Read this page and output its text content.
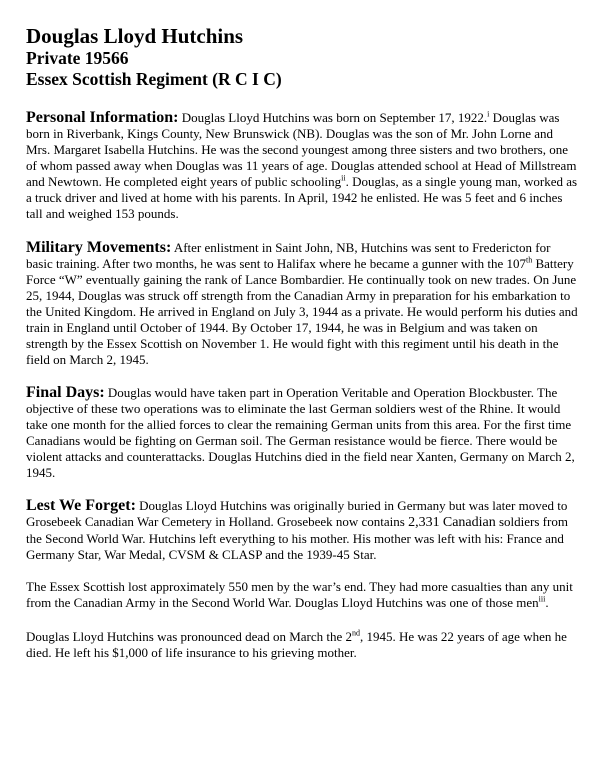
Douglas Lloyd Hutchins
Private 19566
Essex Scottish Regiment (R C I C)

Personal Information: Douglas Lloyd Hutchins was born on September 17, 1922.$^i$ Douglas was born in Riverbank, Kings County, New Brunswick (NB). Douglas was the son of Mr. John Lorne and Mrs. Margaret Isabella Hutchins. He was the second youngest among three sisters and two brothers, one of whom passed away when Douglas was 11 years of age. Douglas attended school at Head of Millstream and Newtown. He completed eight years of public schooling$^{ii}$. Douglas, as a single young man, worked as a truck driver and lived at home with his parents. In April, 1942 he enlisted. He was 5 feet and 6 inches tall and weighed 153 pounds.

Military Movements: After enlistment in Saint John, NB, Hutchins was sent to Fredericton for basic training. After two months, he was sent to Halifax where he became a gunner with the 107th Battery Force “W” eventually gaining the rank of Lance Bombardier. He continually took on new trades. On June 25, 1944, Douglas was struck off strength from the Canadian Army in preparation for his embarkation to the United Kingdom. He arrived in England on July 3, 1944 as a private. He would perform his duties and train in England until October of 1944. By October 17, 1944, he was in Belgium and was taken on strength by the Essex Scottish on November 1. He would fight with this regiment until his death in the field on March 2, 1945.

Final Days: Douglas would have taken part in Operation Veritable and Operation Blockbuster. The objective of these two operations was to eliminate the last German soldiers west of the Rhine. It would take one month for the allied forces to clear the remaining German units from this area. For the first time Canadians would be fighting on German soil. The German resistance would be fierce. There would be violent attacks and counterattacks. Douglas Hutchins died in the field near Xanten, Germany on March 2, 1945.

Lest We Forget: Douglas Lloyd Hutchins was originally buried in Germany but was later moved to Grosebeek Canadian War Cemetery in Holland. Grosebeek now contains 2,331 Canadian soldiers from the Second World War. Hutchins left everything to his mother. His mother was left with his: France and Germany Star, War Medal, CVSM & CLASP and the 1939-45 Star.

The Essex Scottish lost approximately 550 men by the war’s end. They had more casualties than any unit from the Canadian Army in the Second World War. Douglas Lloyd Hutchins was one of those men$^{iii}$.

Douglas Lloyd Hutchins was pronounced dead on March the 2nd, 1945. He was 22 years of age when he died. He left his $1,000 of life insurance to his grieving mother.
